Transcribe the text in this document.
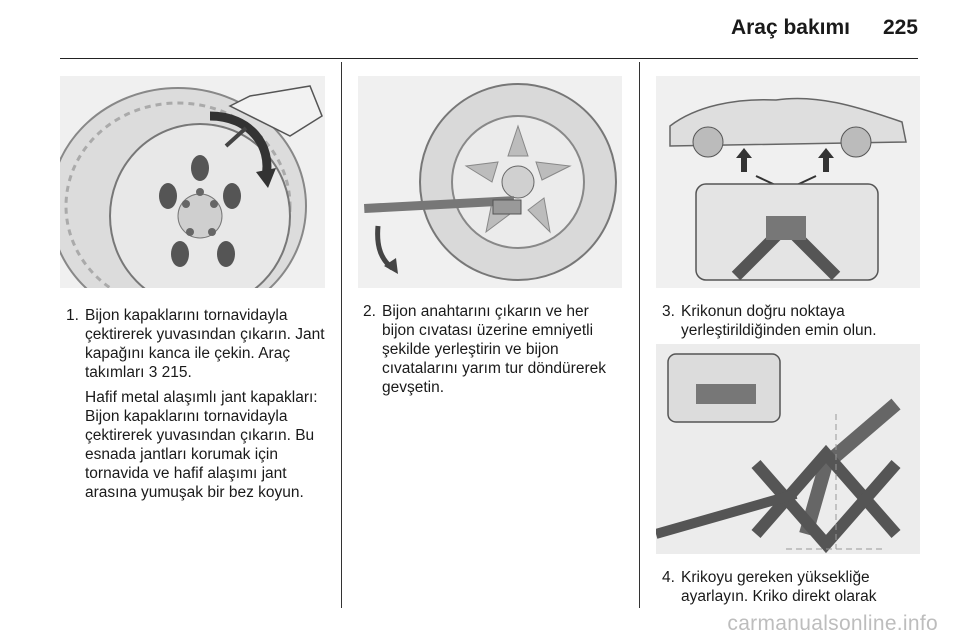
Araç bakımı 225
1. Bijon kapaklarını tornavidayla çektirerek yuvasından çıkarın. Jant kapağını kanca ile çekin. Araç takımları 3 215.

Hafif metal alaşımlı jant kapakları: Bijon kapaklarını tornavidayla çektirerek yuvasından çıkarın. Bu esnada jantları korumak için tornavida ve hafif alaşımı jant arasına yumuşak bir bez koyun.

2. Bijon anahtarını çıkarın ve her bijon cıvatası üzerine emniyetli şekilde yerleştirin ve bijon cıvatalarını yarım tur döndürerek gevşetin.

3. Krikonun doğru noktaya yerleştirildiğinden emin olun.

4. Krikoyu gereken yüksekliğe ayarlayın. Kriko direkt olarak

carmanualsonline.info
